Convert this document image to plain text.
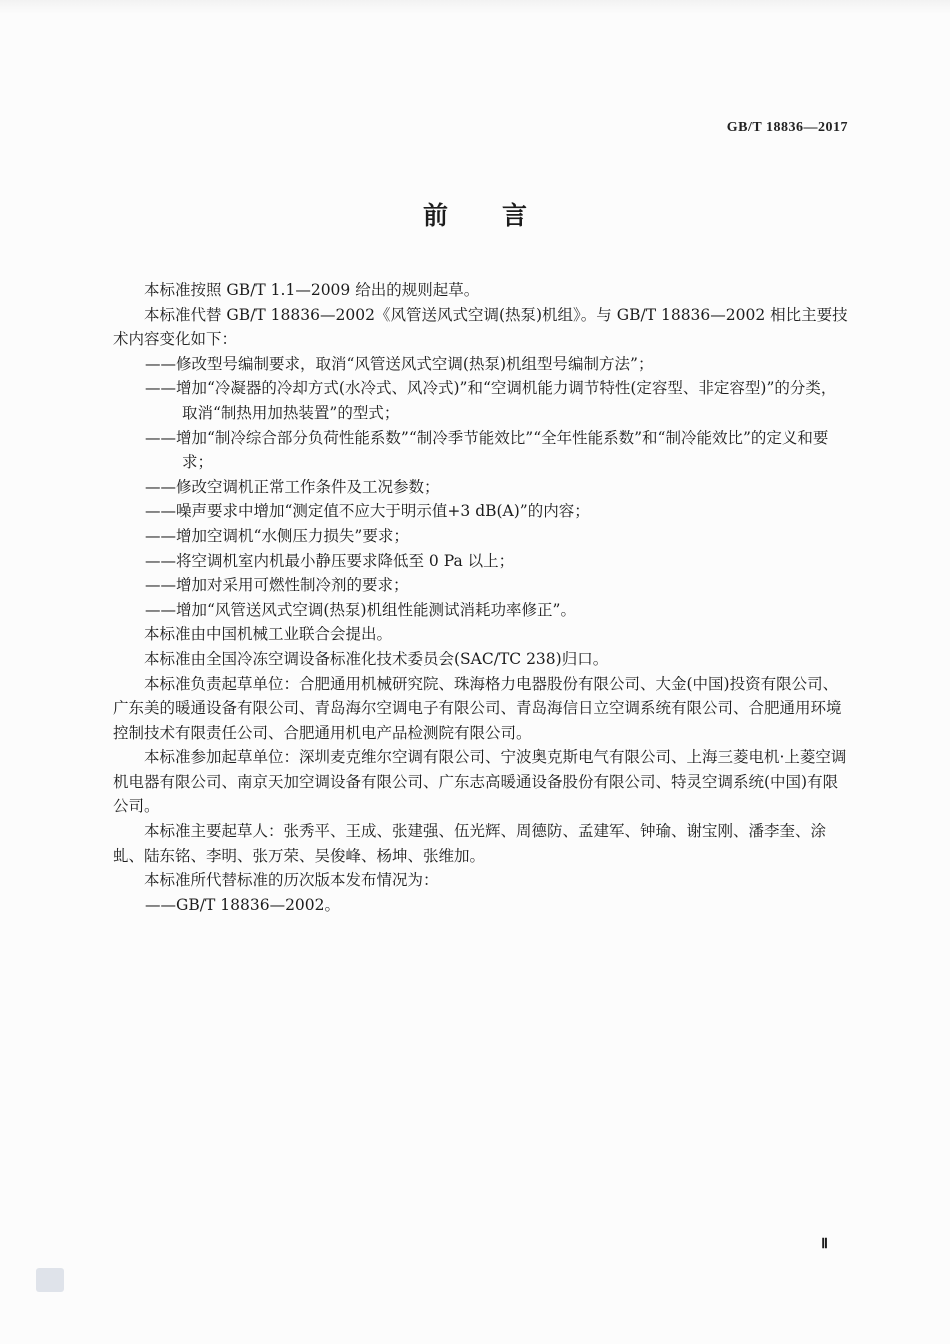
GB/T 18836—2017
前言

本标准按照 GB/T 1.1—2009 给出的规则起草。

本标准代替 GB/T 18836—2002《风管送风式空调(热泵)机组》。与 GB/T 18836—2002 相比主要技术内容变化如下：

——修改型号编制要求，取消“风管送风式空调(热泵)机组型号编制方法”；

——增加“冷凝器的冷却方式(水冷式、风冷式)”和“空调机能力调节特性(定容型、非定容型)”的分类，取消“制热用加热装置”的型式；

——增加“制冷综合部分负荷性能系数”“制冷季节能效比”“全年性能系数”和“制冷能效比”的定义和要求；

——修改空调机正常工作条件及工况参数；

——噪声要求中增加“测定值不应大于明示值+3 dB(A)”的内容；

——增加空调机“水侧压力损失”要求；

——将空调机室内机最小静压要求降低至 0 Pa 以上；

——增加对采用可燃性制冷剂的要求；

——增加“风管送风式空调(热泵)机组性能测试消耗功率修正”。

本标准由中国机械工业联合会提出。

本标准由全国冷冻空调设备标准化技术委员会(SAC/TC 238)归口。

本标准负责起草单位：合肥通用机械研究院、珠海格力电器股份有限公司、大金(中国)投资有限公司、广东美的暖通设备有限公司、青岛海尔空调电子有限公司、青岛海信日立空调系统有限公司、合肥通用环境控制技术有限责任公司、合肥通用机电产品检测院有限公司。

本标准参加起草单位：深圳麦克维尔空调有限公司、宁波奥克斯电气有限公司、上海三菱电机·上菱空调机电器有限公司、南京天加空调设备有限公司、广东志高暖通设备股份有限公司、特灵空调系统(中国)有限公司。

本标准主要起草人：张秀平、王成、张建强、伍光辉、周德防、孟建军、钟瑜、谢宝刚、潘李奎、涂虬、陆东铭、李明、张万荣、吴俊峰、杨坤、张维加。

本标准所代替标准的历次版本发布情况为：

——GB/T 18836—2002。

Ⅱ
